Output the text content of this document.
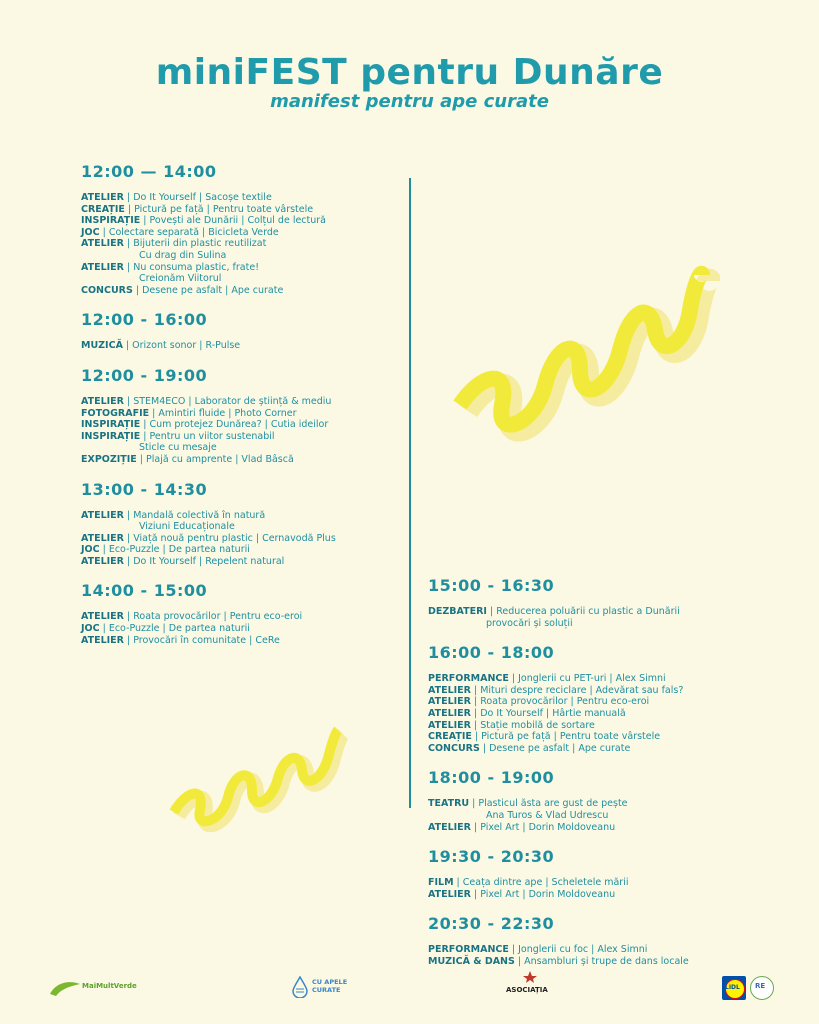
miniFEST pentru Dunăre
manifest pentru ape curate
12:00 — 14:00
ATELIER | Do It Yourself | Sacoșe textile
CREAȚIE | Pictură pe față | Pentru toate vârstele
INSPIRAȚIE | Povești ale Dunării | Colțul de lectură
JOC | Colectare separată | Bicicleta Verde
ATELIER | Bijuterii din plastic reutilizat
Cu drag din Sulina
ATELIER | Nu consuma plastic, frate!
Creionăm Viitorul
CONCURS | Desene pe asfalt | Ape curate
12:00 - 16:00
MUZICĂ | Orizont sonor | R-Pulse
12:00 - 19:00
ATELIER | STEM4ECO | Laborator de știință & mediu
FOTOGRAFIE | Amintiri fluide | Photo Corner
INSPIRAȚIE | Cum protejez Dunărea? | Cutia ideilor
INSPIRAȚIE | Pentru un viitor sustenabil
Sticle cu mesaje
EXPOZIȚIE | Plajă cu amprente | Vlad Bâscă
13:00 - 14:30
ATELIER | Mandală colectivă în natură
Viziuni Educaționale
ATELIER | Viață nouă pentru plastic | Cernavodă Plus
JOC | Eco-Puzzle | De partea naturii
ATELIER | Do It Yourself | Repelent natural
14:00 - 15:00
ATELIER | Roata provocărilor | Pentru eco-eroi
JOC | Eco-Puzzle | De partea naturii
ATELIER | Provocări în comunitate | CeRe
15:00 - 16:30
DEZBATERI | Reducerea poluării cu plastic a Dunării
provocări și soluții
16:00 - 18:00
PERFORMANCE | Jonglerii cu PET-uri | Alex Simni
ATELIER | Mituri despre reciclare | Adevărat sau fals?
ATELIER | Roata provocărilor | Pentru eco-eroi
ATELIER | Do It Yourself | Hârtie manuală
ATELIER | Stație mobilă de sortare
CREAȚIE | Pictură pe față | Pentru toate vârstele
CONCURS | Desene pe asfalt | Ape curate
18:00 - 19:00
TEATRU | Plasticul ăsta are gust de pește
Ana Turos & Vlad Udrescu
ATELIER | Pixel Art | Dorin Moldoveanu
19:30 - 20:30
FILM | Ceața dintre ape | Scheletele mării
ATELIER | Pixel Art | Dorin Moldoveanu
20:30 - 22:30
PERFORMANCE | Jonglerii cu foc | Alex Simni
MUZICĂ & DANS | Ansambluri și trupe de dans locale
MaiMultVerde	CU APELE
CURATE	ASOCIAȚIA	LIDL RE
